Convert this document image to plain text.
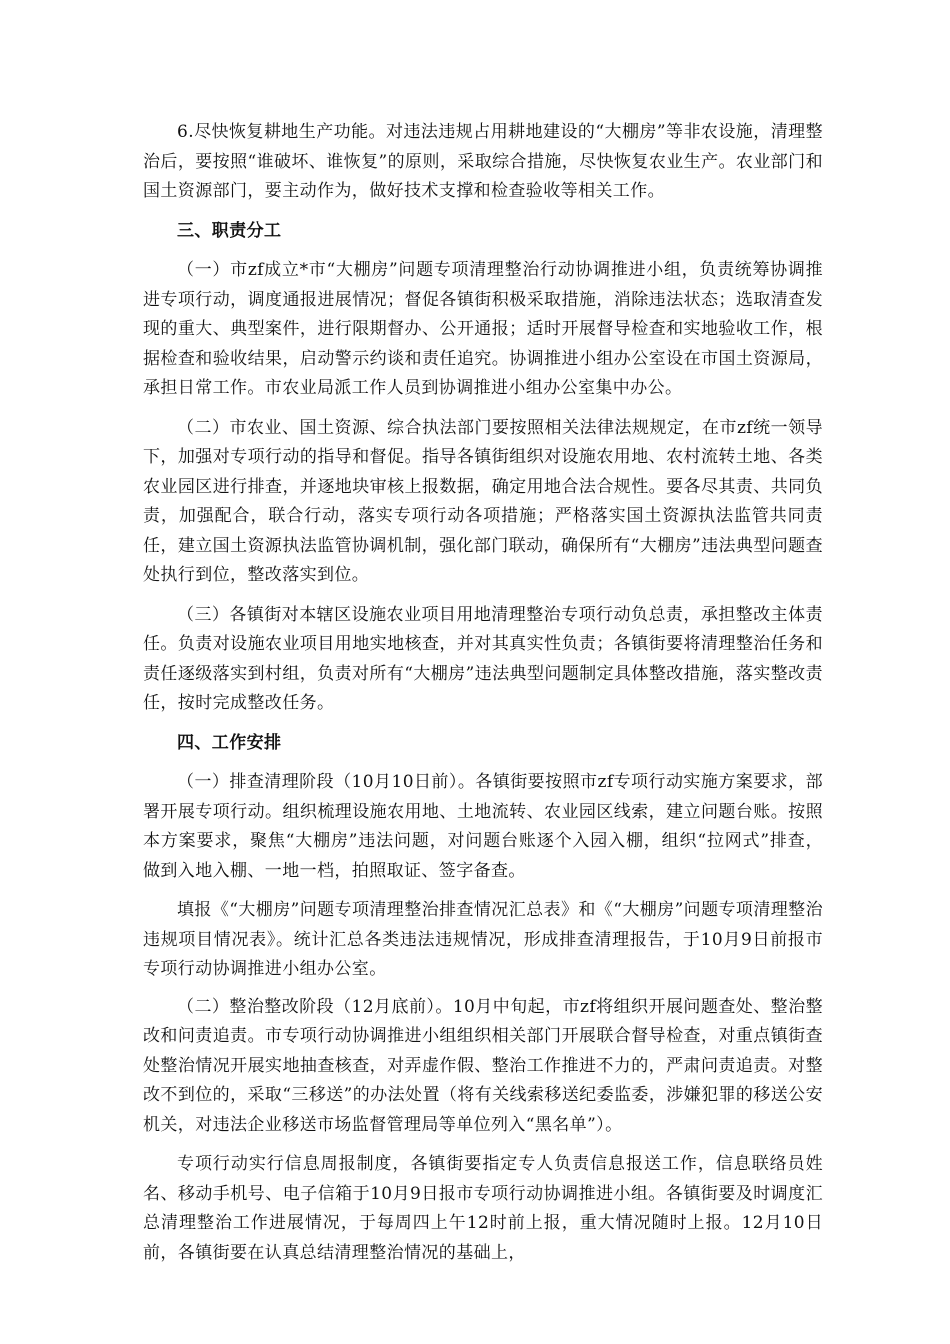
6.尽快恢复耕地生产功能。对违法违规占用耕地建设的“大棚房”等非农设施，清理整治后，要按照“谁破坏、谁恢复”的原则，采取综合措施，尽快恢复农业生产。农业部门和国土资源部门，要主动作为，做好技术支撑和检查验收等相关工作。

三、职责分工

（一）市zf成立*市“大棚房”问题专项清理整治行动协调推进小组，负责统筹协调推进专项行动，调度通报进展情况；督促各镇街积极采取措施，消除违法状态；选取清查发现的重大、典型案件，进行限期督办、公开通报；适时开展督导检查和实地验收工作，根据检查和验收结果，启动警示约谈和责任追究。协调推进小组办公室设在市国土资源局，承担日常工作。市农业局派工作人员到协调推进小组办公室集中办公。

（二）市农业、国土资源、综合执法部门要按照相关法律法规规定，在市zf统一领导下，加强对专项行动的指导和督促。指导各镇街组织对设施农用地、农村流转土地、各类农业园区进行排查，并逐地块审核上报数据，确定用地合法合规性。要各尽其责、共同负责，加强配合，联合行动，落实专项行动各项措施；严格落实国土资源执法监管共同责任，建立国土资源执法监管协调机制，强化部门联动，确保所有“大棚房”违法典型问题查处执行到位，整改落实到位。

（三）各镇街对本辖区设施农业项目用地清理整治专项行动负总责，承担整改主体责任。负责对设施农业项目用地实地核查，并对其真实性负责；各镇街要将清理整治任务和责任逐级落实到村组，负责对所有“大棚房”违法典型问题制定具体整改措施，落实整改责任，按时完成整改任务。

四、工作安排

（一）排查清理阶段（10月10日前）。各镇街要按照市zf专项行动实施方案要求，部署开展专项行动。组织梳理设施农用地、土地流转、农业园区线索，建立问题台账。按照本方案要求，聚焦“大棚房”违法问题，对问题台账逐个入园入棚，组织“拉网式”排查，做到入地入棚、一地一档，拍照取证、签字备查。

填报《“大棚房”问题专项清理整治排查情况汇总表》和《“大棚房”问题专项清理整治违规项目情况表》。统计汇总各类违法违规情况，形成排查清理报告，于10月9日前报市专项行动协调推进小组办公室。

（二）整治整改阶段（12月底前）。10月中旬起，市zf将组织开展问题查处、整治整改和问责追责。市专项行动协调推进小组组织相关部门开展联合督导检查，对重点镇街查处整治情况开展实地抽查核查，对弄虚作假、整治工作推进不力的，严肃问责追责。对整改不到位的，采取“三移送”的办法处置（将有关线索移送纪委监委，涉嫌犯罪的移送公安机关，对违法企业移送市场监督管理局等单位列入“黑名单”）。

专项行动实行信息周报制度，各镇街要指定专人负责信息报送工作，信息联络员姓名、移动手机号、电子信箱于10月9日报市专项行动协调推进小组。各镇街要及时调度汇总清理整治工作进展情况，于每周四上午12时前上报，重大情况随时上报。12月10日前，各镇街要在认真总结清理整治情况的基础上，
